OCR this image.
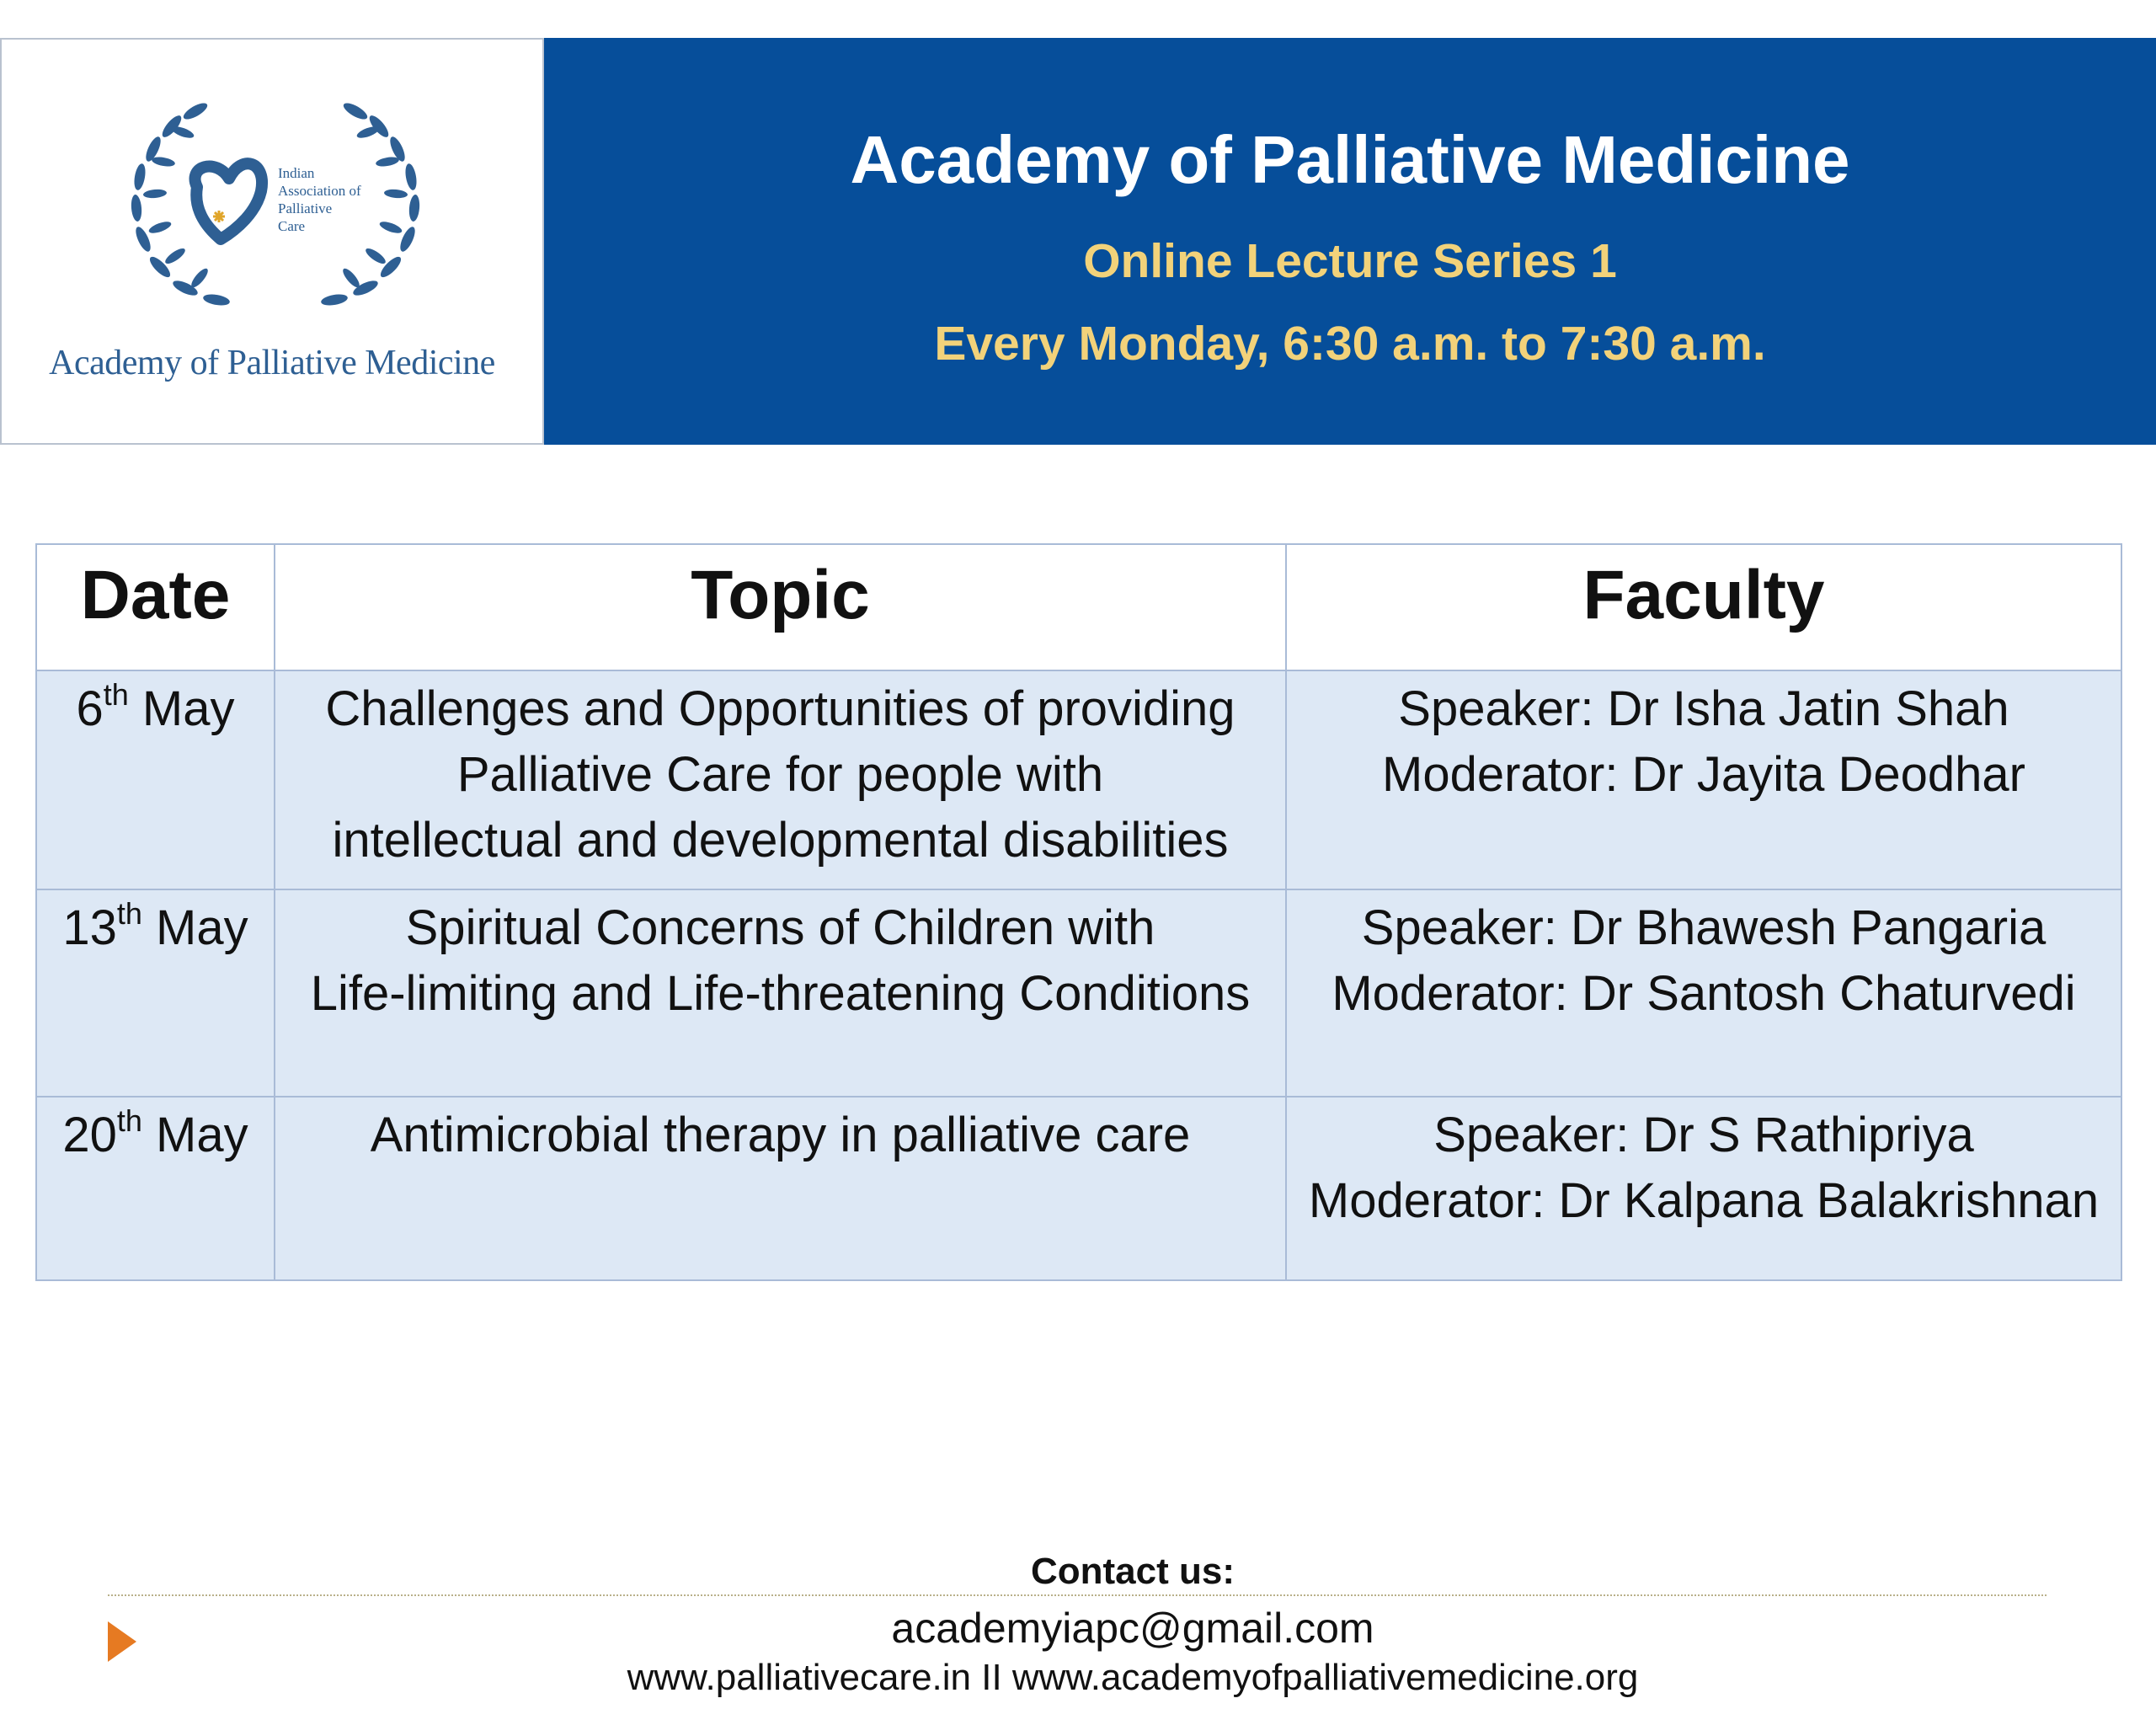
Indian
Association of
Palliative
Care
Academy of Palliative Medicine
Academy of Palliative Medicine
Online Lecture Series 1
Every Monday, 6:30 a.m. to 7:30 a.m.
Date	Topic	Faculty
6th May	Challenges and Opportunities of providing
Palliative Care for people with
intellectual and developmental disabilities	Speaker: Dr Isha Jatin Shah
Moderator: Dr Jayita Deodhar

13th May	Spiritual Concerns of Children with
Life-limiting and Life-threatening Conditions	Speaker: Dr Bhawesh Pangaria
Moderator: Dr Santosh Chaturvedi

20th May	Antimicrobial therapy in palliative care	Speaker: Dr S Rathipriya
Moderator: Dr Kalpana Balakrishnan
Contact us:
academyiapc@gmail.com
www.palliativecare.in II www.academyofpalliativemedicine.org
